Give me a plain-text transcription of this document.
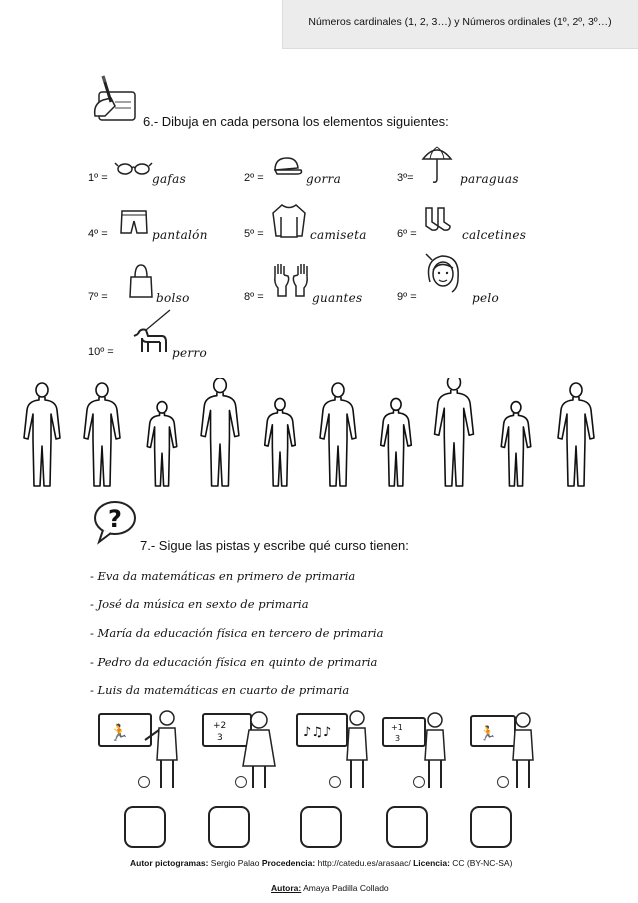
Números cardinales (1, 2, 3…) y Números ordinales (1º, 2º, 3º…)
6.- Dibuja en cada persona los elementos siguientes:
1º =	gafas	2º =	gorra	3º=	paraguas
4º =	pantalón	5º =	camiseta	6º =	calcetines
7º =	bolso	8º =	guantes	9º =	pelo
10º =	perro
?
7.- Sigue las pistas y escribe qué curso tienen:
- Eva da matemáticas en primero de primaria
- José da música en sexto de primaria
- María da educación física en tercero de primaria
- Pedro da educación física en quinto de primaria
- Luis da matemáticas en cuarto de primaria
🏃	+2
3	♪♫♪	+1
3	🏃
Autor pictogramas: Sergio Palao Procedencia: http://catedu.es/arasaac/ Licencia: CC (BY-NC-SA)
Autora: Amaya Padilla Collado
